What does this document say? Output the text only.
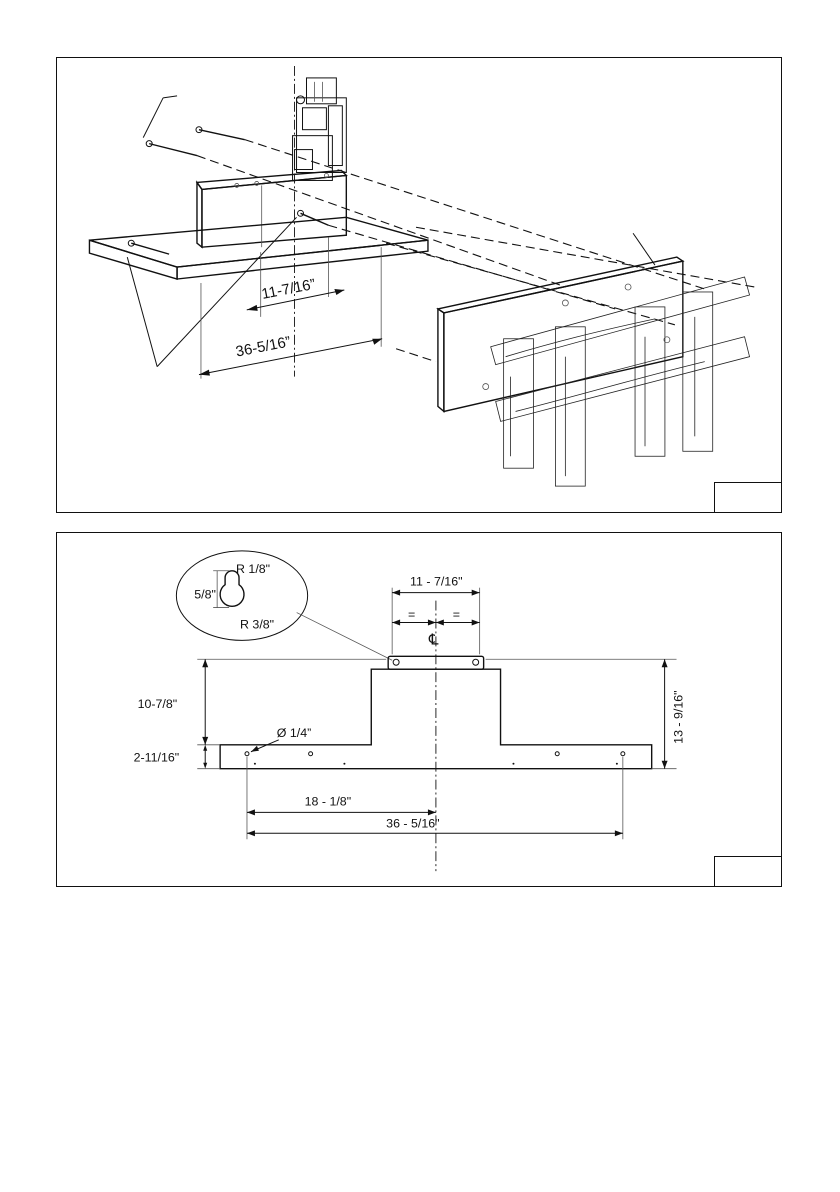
11-7/16”
36-5/16”
R 1/8"
5/8"
R 3/8"
℄
11 - 7/16"
=	=
Ø 1/4”
10-7/8"
2-11/16"
13 - 9/16"
18 - 1/8"
36 - 5/16"
